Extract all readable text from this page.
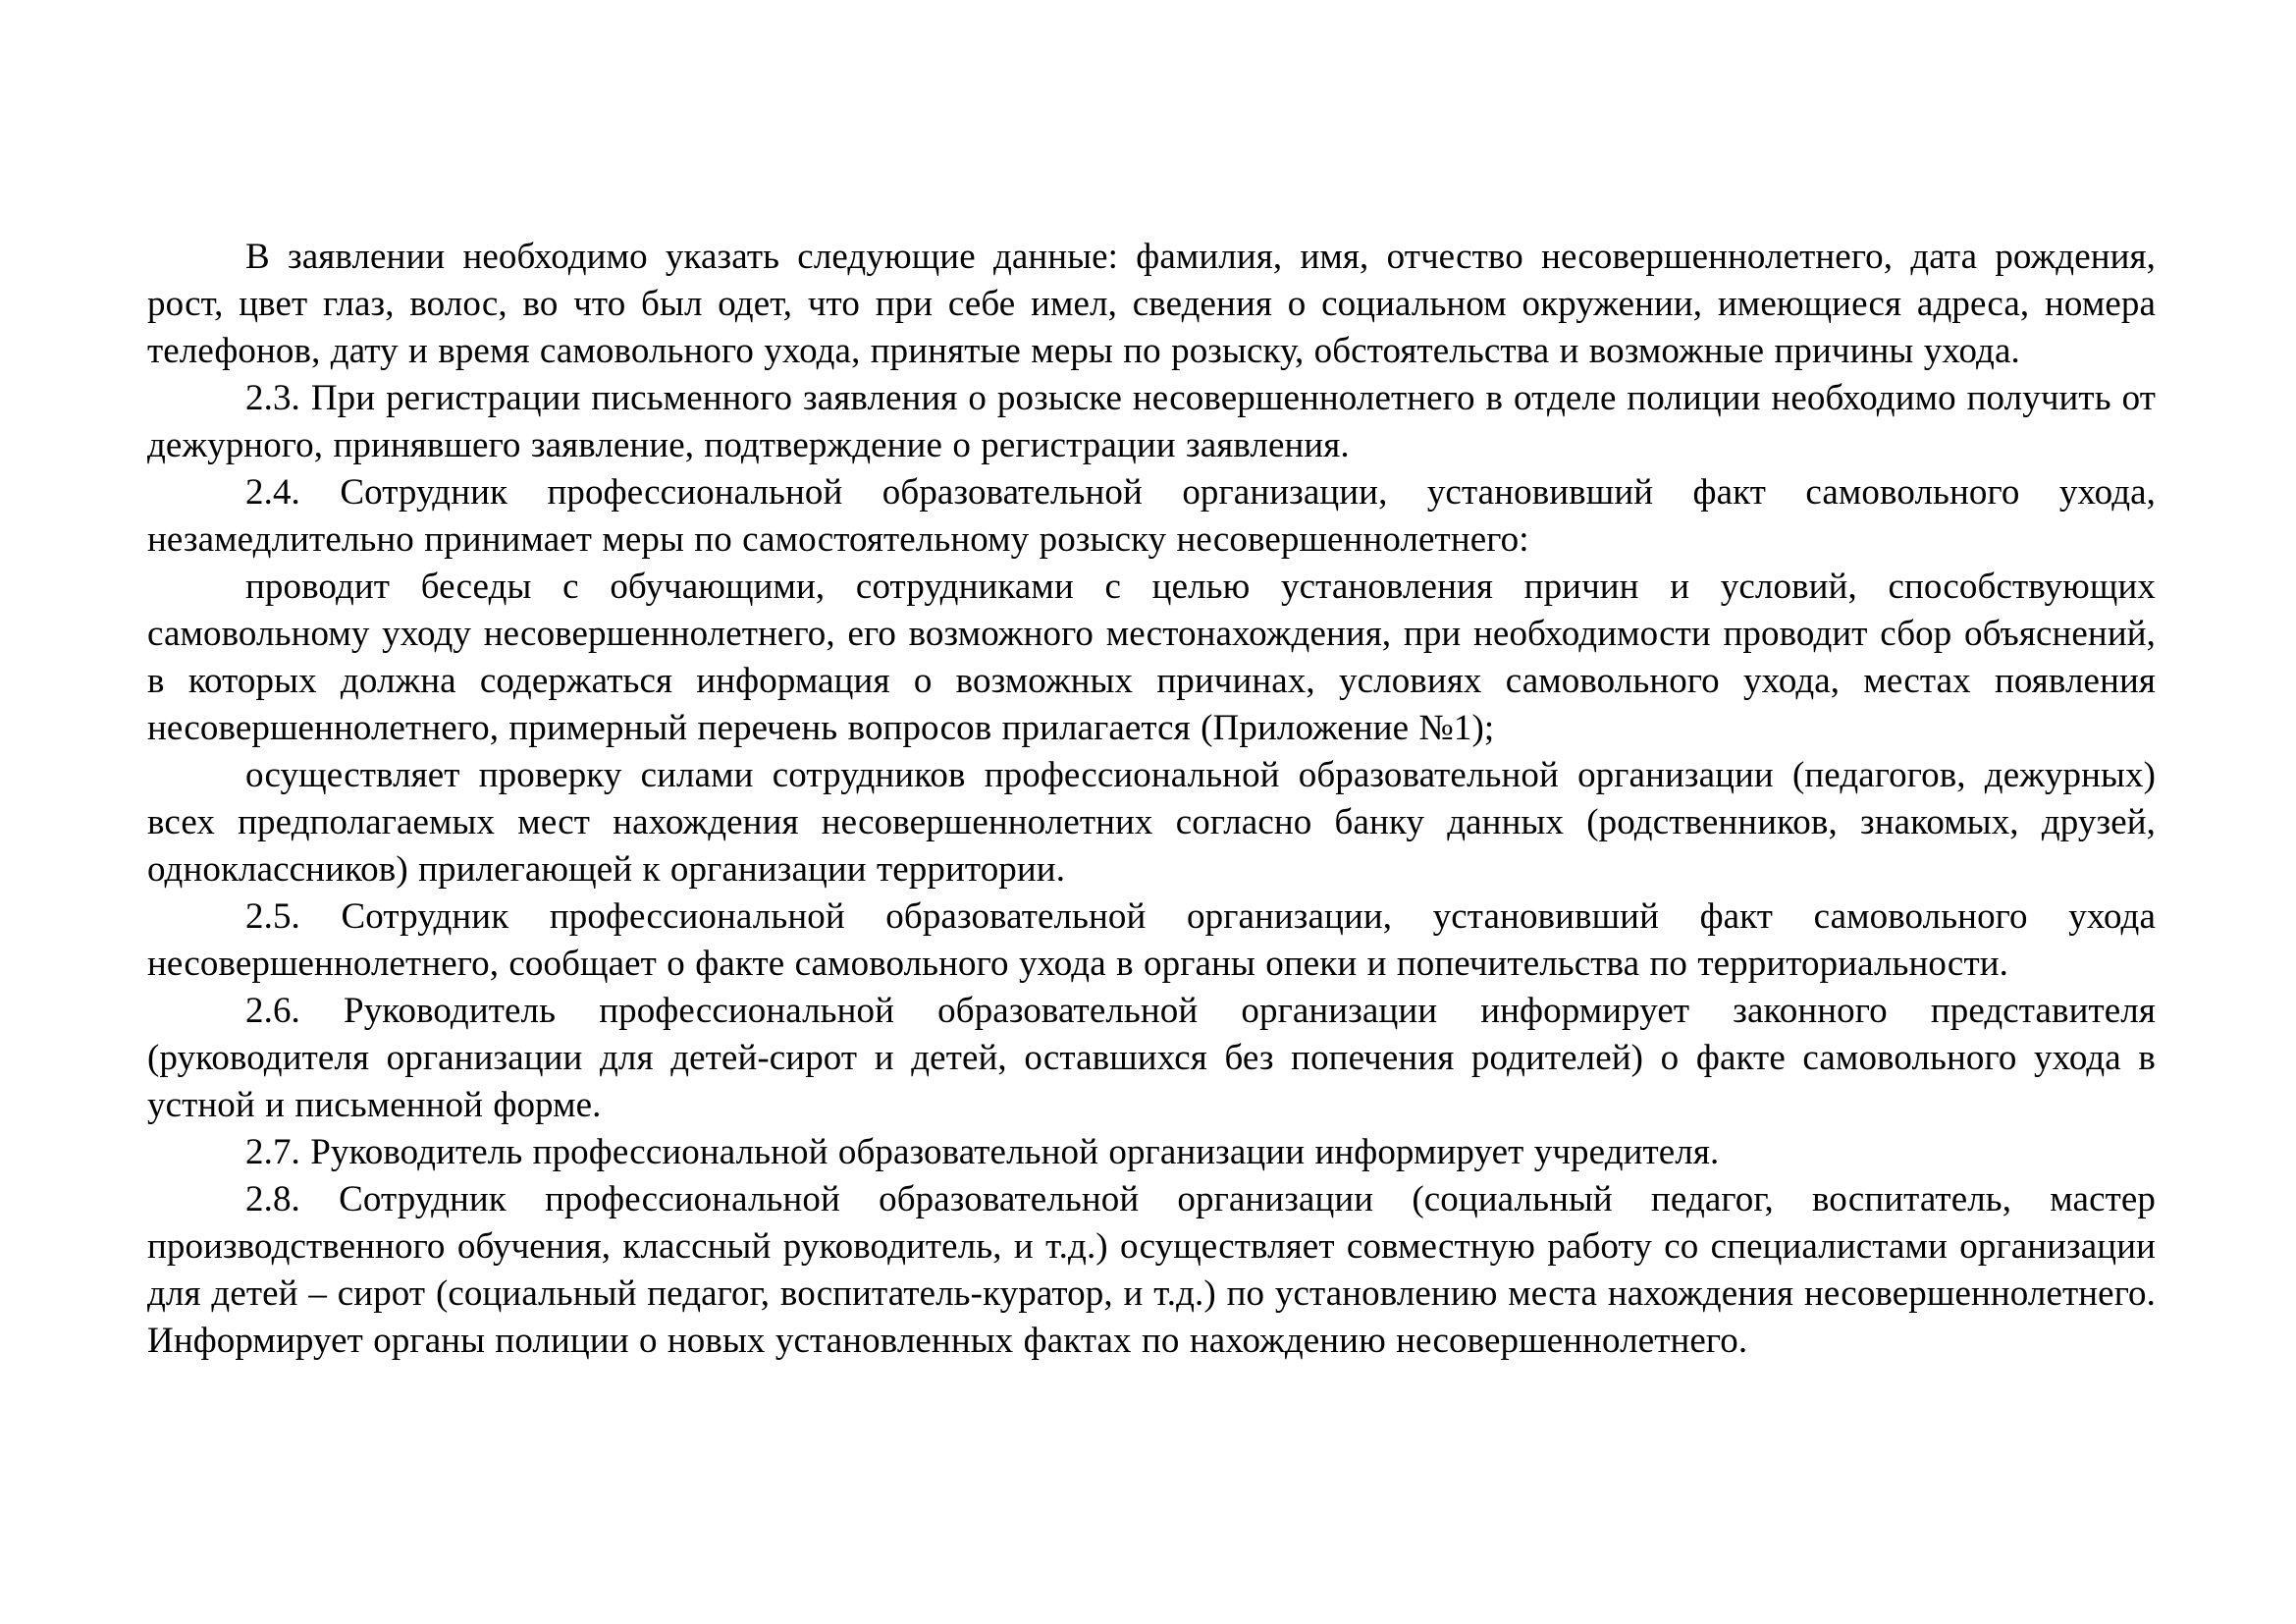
В заявлении необходимо указать следующие данные: фамилия, имя, отчество несовершеннолетнего, дата рождения, рост, цвет глаз, волос, во что был одет, что при себе имел, сведения о социальном окружении, имеющиеся адреса, номера телефонов, дату и время самовольного ухода, принятые меры по розыску, обстоятельства и возможные причины ухода.

2.3. При регистрации письменного заявления о розыске несовершеннолетнего в отделе полиции необходимо получить от дежурного, принявшего заявление, подтверждение о регистрации заявления.

2.4. Сотрудник профессиональной образовательной организации, установивший факт самовольного ухода, незамедлительно принимает меры по самостоятельному розыску несовершеннолетнего:

проводит беседы с обучающими, сотрудниками с целью установления причин и условий, способствующих самовольному уходу несовершеннолетнего, его возможного местонахождения, при необходимости проводит сбор объяснений, в которых должна содержаться информация о возможных причинах, условиях самовольного ухода, местах появления несовершеннолетнего, примерный перечень вопросов прилагается (Приложение №1);

осуществляет проверку силами сотрудников профессиональной образовательной организации (педагогов, дежурных) всех предполагаемых мест нахождения несовершеннолетних согласно банку данных (родственников, знакомых, друзей, одноклассников) прилегающей к организации территории.

2.5. Сотрудник профессиональной образовательной организации, установивший факт самовольного ухода несовершеннолетнего, сообщает о факте самовольного ухода в органы опеки и попечительства по территориальности.

2.6. Руководитель профессиональной образовательной организации информирует законного представителя (руководителя организации для детей-сирот и детей, оставшихся без попечения родителей) о факте самовольного ухода в устной и письменной форме.

2.7. Руководитель профессиональной образовательной организации информирует учредителя.

2.8. Сотрудник профессиональной образовательной организации (социальный педагог, воспитатель, мастер производственного обучения, классный руководитель, и т.д.) осуществляет совместную работу со специалистами организации для детей – сирот (социальный педагог, воспитатель-куратор, и т.д.) по установлению места нахождения несовершеннолетнего. Информирует органы полиции о новых установленных фактах по нахождению несовершеннолетнего.
